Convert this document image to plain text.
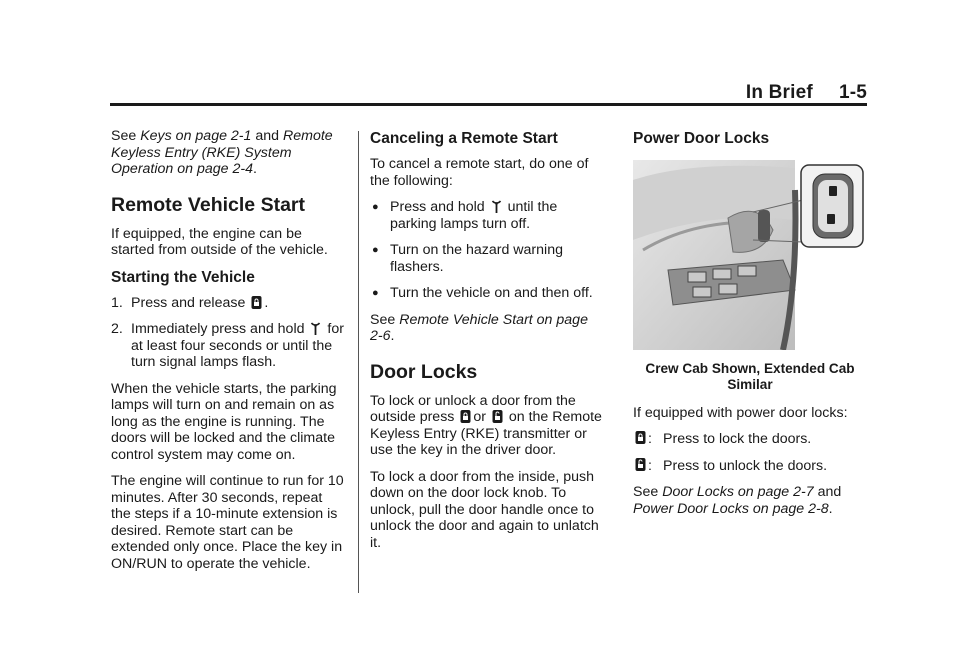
In Brief 1-5

See Keys on page 2-1 and Remote Keyless Entry (RKE) System Operation on page 2-4.

Remote Vehicle Start

If equipped, the engine can be started from outside of the vehicle.

Starting the Vehicle
1. Press and release .
2. Immediately press and hold for at least four seconds or until the turn signal lamps flash.

When the vehicle starts, the parking lamps will turn on and remain on as long as the engine is running. The doors will be locked and the climate control system may come on.

The engine will continue to run for 10 minutes. After 30 seconds, repeat the steps if a 10-minute extension is desired. Remote start can be extended only once. Place the key in ON/RUN to operate the vehicle.

Canceling a Remote Start

To cancel a remote start, do one of the following:

● Press and hold until the parking lamps turn off.
● Turn on the hazard warning flashers.
● Turn the vehicle on and then off.

See Remote Vehicle Start on page 2-6.

Door Locks

To lock or unlock a door from the outside press or on the Remote Keyless Entry (RKE) transmitter or use the key in the driver door.

To lock a door from the inside, push down on the door lock knob. To unlock, pull the door handle once to unlock the door and again to unlatch it.

Power Door Locks
Crew Cab Shown, Extended Cab Similar

If equipped with power door locks:

: Press to lock the doors.
: Press to unlock the doors.

See Door Locks on page 2-7 and Power Door Locks on page 2-8.
